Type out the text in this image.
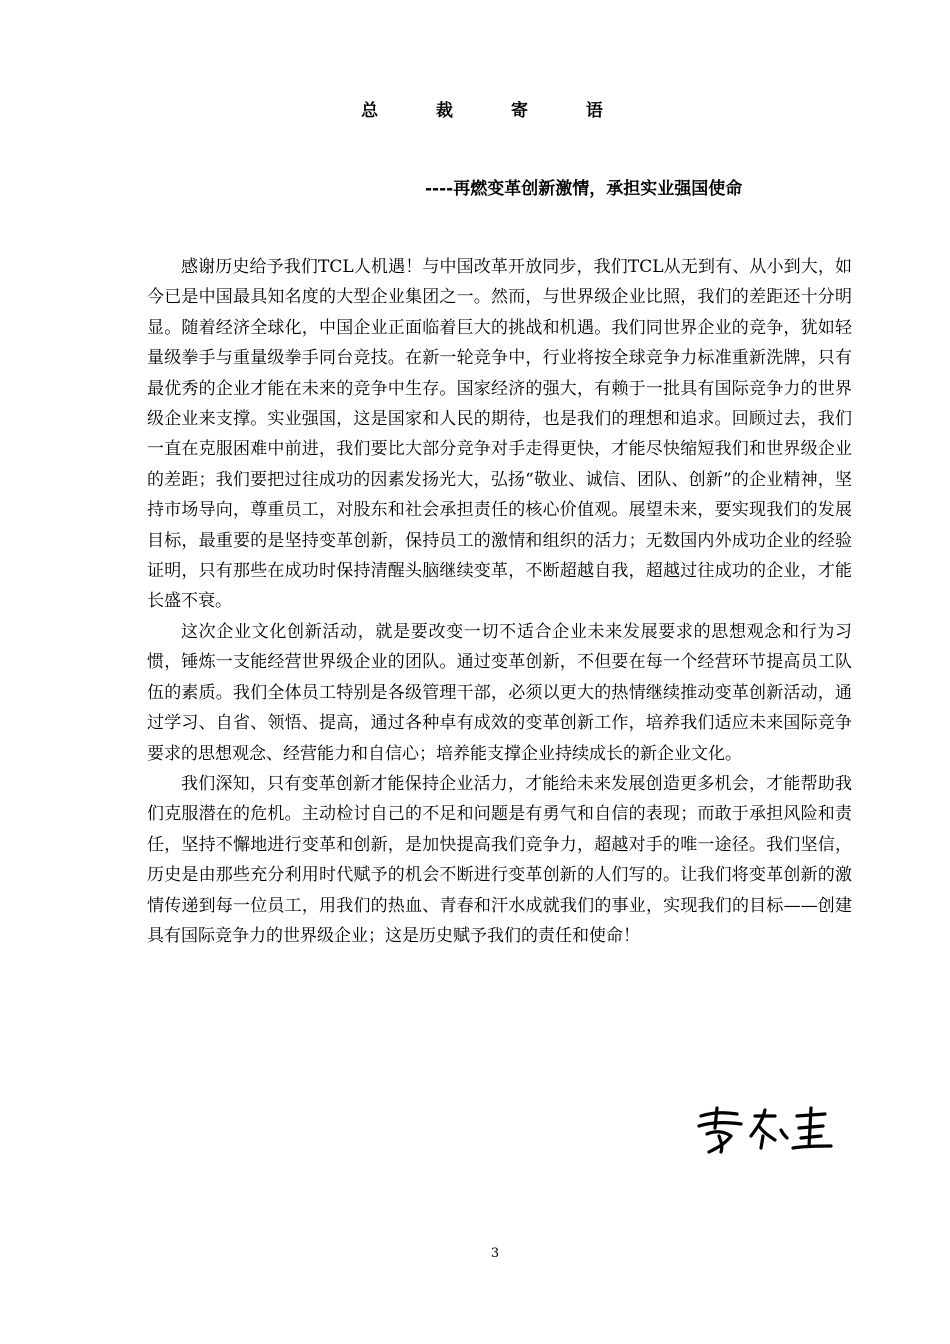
总 裁 寄 语
----再燃变革创新激情，承担实业强国使命

感谢历史给予我们TCL人机遇！与中国改革开放同步，我们TCL从无到有、从小到大，如今已是中国最具知名度的大型企业集团之一。然而，与世界级企业比照，我们的差距还十分明显。随着经济全球化，中国企业正面临着巨大的挑战和机遇。我们同世界企业的竞争，犹如轻量级拳手与重量级拳手同台竞技。在新一轮竞争中，行业将按全球竞争力标准重新洗牌，只有最优秀的企业才能在未来的竞争中生存。国家经济的强大，有赖于一批具有国际竞争力的世界级企业来支撑。实业强国，这是国家和人民的期待，也是我们的理想和追求。回顾过去，我们一直在克服困难中前进，我们要比大部分竞争对手走得更快，才能尽快缩短我们和世界级企业的差距；我们要把过往成功的因素发扬光大，弘扬“敬业、诚信、团队、创新”的企业精神，坚持市场导向，尊重员工，对股东和社会承担责任的核心价值观。展望未来，要实现我们的发展目标，最重要的是坚持变革创新，保持员工的激情和组织的活力；无数国内外成功企业的经验证明，只有那些在成功时保持清醒头脑继续变革，不断超越自我，超越过往成功的企业，才能长盛不衰。

这次企业文化创新活动，就是要改变一切不适合企业未来发展要求的思想观念和行为习惯，锤炼一支能经营世界级企业的团队。通过变革创新，不但要在每一个经营环节提高员工队伍的素质。我们全体员工特别是各级管理干部，必须以更大的热情继续推动变革创新活动，通过学习、自省、领悟、提高，通过各种卓有成效的变革创新工作，培养我们适应未来国际竞争要求的思想观念、经营能力和自信心；培养能支撑企业持续成长的新企业文化。

我们深知，只有变革创新才能保持企业活力，才能给未来发展创造更多机会，才能帮助我们克服潜在的危机。主动检讨自己的不足和问题是有勇气和自信的表现；而敢于承担风险和责任，坚持不懈地进行变革和创新，是加快提高我们竞争力，超越对手的唯一途径。我们坚信，历史是由那些充分利用时代赋予的机会不断进行变革创新的人们写的。让我们将变革创新的激情传递到每一位员工，用我们的热血、青春和汗水成就我们的事业，实现我们的目标——创建具有国际竞争力的世界级企业；这是历史赋予我们的责任和使命！

3
